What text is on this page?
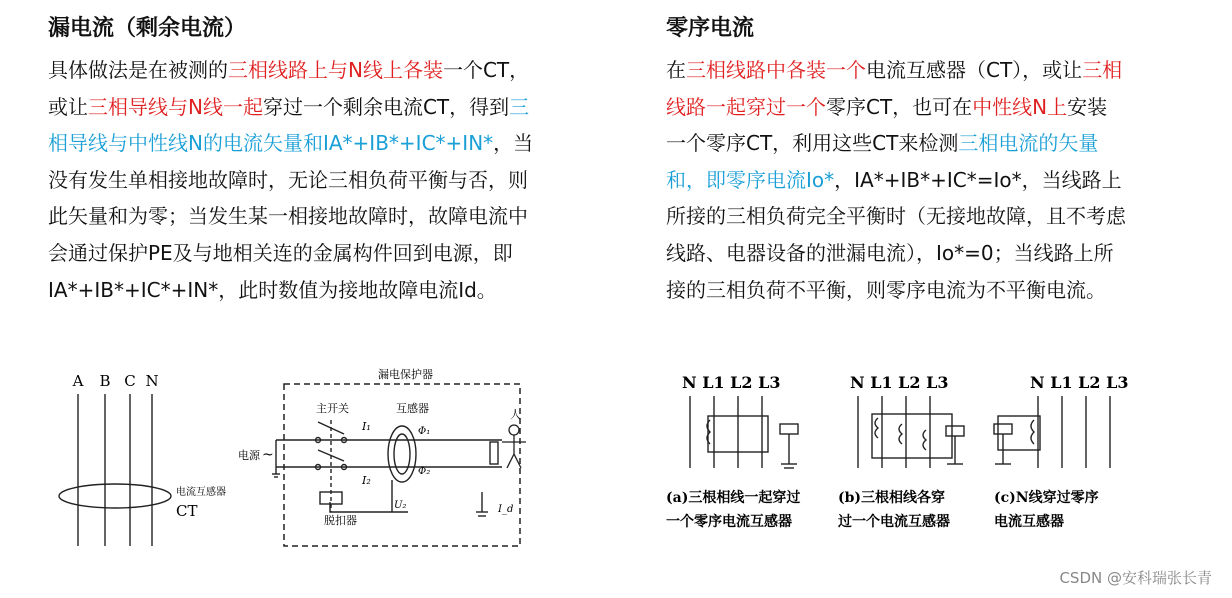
漏电流（剩余电流）

具体做法是在被测的三相线路上与N线上各装一个CT，或让三相导线与N线一起穿过一个剩余电流CT，得到三相导线与中性线N的电流矢量和IA*+IB*+IC*+IN*，当没有发生单相接地故障时，无论三相负荷平衡与否，则此矢量和为零；当发生某一相接地故障时，故障电流中会通过保护PE及与地相关连的金属构件回到电源，即IA*+IB*+IC*+IN*，此时数值为接地故障电流Id。

零序电流

在三相线路中各装一个电流互感器（CT），或让三相线路一起穿过一个零序CT，也可在中性线N上安装一个零序CT，利用这些CT来检测三相电流的矢量和，即零序电流Io*，IA*+IB*+IC*=Io*，当线路上所接的三相负荷完全平衡时（无接地故障，且不考虑线路、电器设备的泄漏电流），Io*=0；当线路上所接的三相负荷不平衡，则零序电流为不平衡电流。

A B C N
电流互感器
CT
漏电保护器
主开关	互感器
电源 ~
I₁
I₂
Φ₁
Φ₂
U₂
脱扣器
人
I_d
N L1 L2 L3	N L1 L2 L3	N L1 L2 L3
(a)三根相线一起穿过
一个零序电流互感器
(b)三根相线各穿
过一个电流互感器
(c)N线穿过零序
电流互感器
CSDN @安科瑞张长青
